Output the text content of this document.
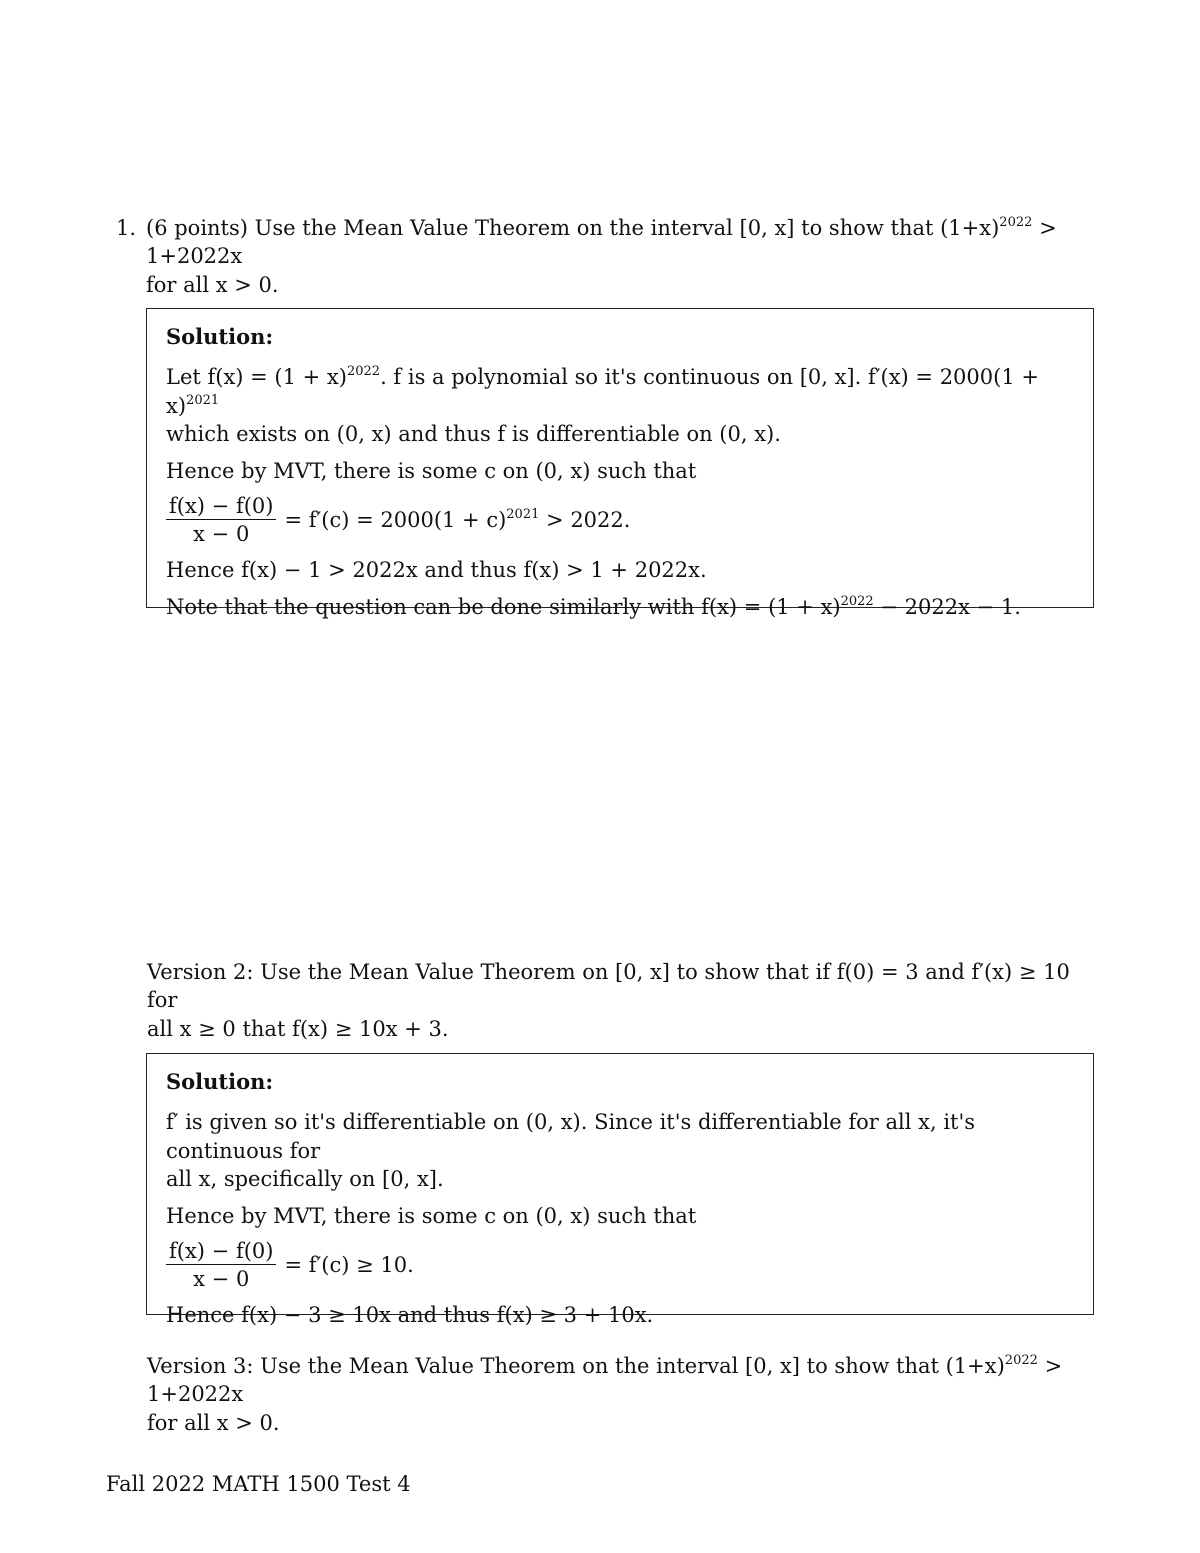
1. (6 points) Use the Mean Value Theorem on the interval [0, x] to show that $(1+x)^{2022} > 1+2022x$
for all x > 0.

Solution:

Let $f(x) = (1 + x)^{2022}$. f is a polynomial so it's continuous on [0, x]. $f'(x) = 2000(1 + x)^{2021}$

which exists on (0, x) and thus f is differentiable on (0, x).

Hence by MVT, there is some c on (0, x) such that

$\frac{f(x) - f(0)}{x - 0} = f'(c) = 2000(1 + c)^{2021} > 2022$.

Hence f(x) − 1 > 2022x and thus f(x) > 1 + 2022x.

Note that the question can be done similarly with $f(x) = (1 + x)^{2022} - 2022x - 1$.

Version 2: Use the Mean Value Theorem on [0, x] to show that if f(0) = 3 and f′(x) ≥ 10 for
all x ≥ 0 that f(x) ≥ 10x + 3.

Solution:

f′ is given so it's differentiable on (0, x). Since it's differentiable for all x, it's continuous for

all x, specifically on [0, x].

Hence by MVT, there is some c on (0, x) such that

$\frac{f(x) - f(0)}{x - 0} = f'(c) \ge 10$.

Hence f(x) − 3 ≥ 10x and thus f(x) ≥ 3 + 10x.

Version 3: Use the Mean Value Theorem on the interval [0, x] to show that $(1+x)^{2022} > 1+2022x$
for all x > 0.
Fall 2022 MATH 1500 Test 4
